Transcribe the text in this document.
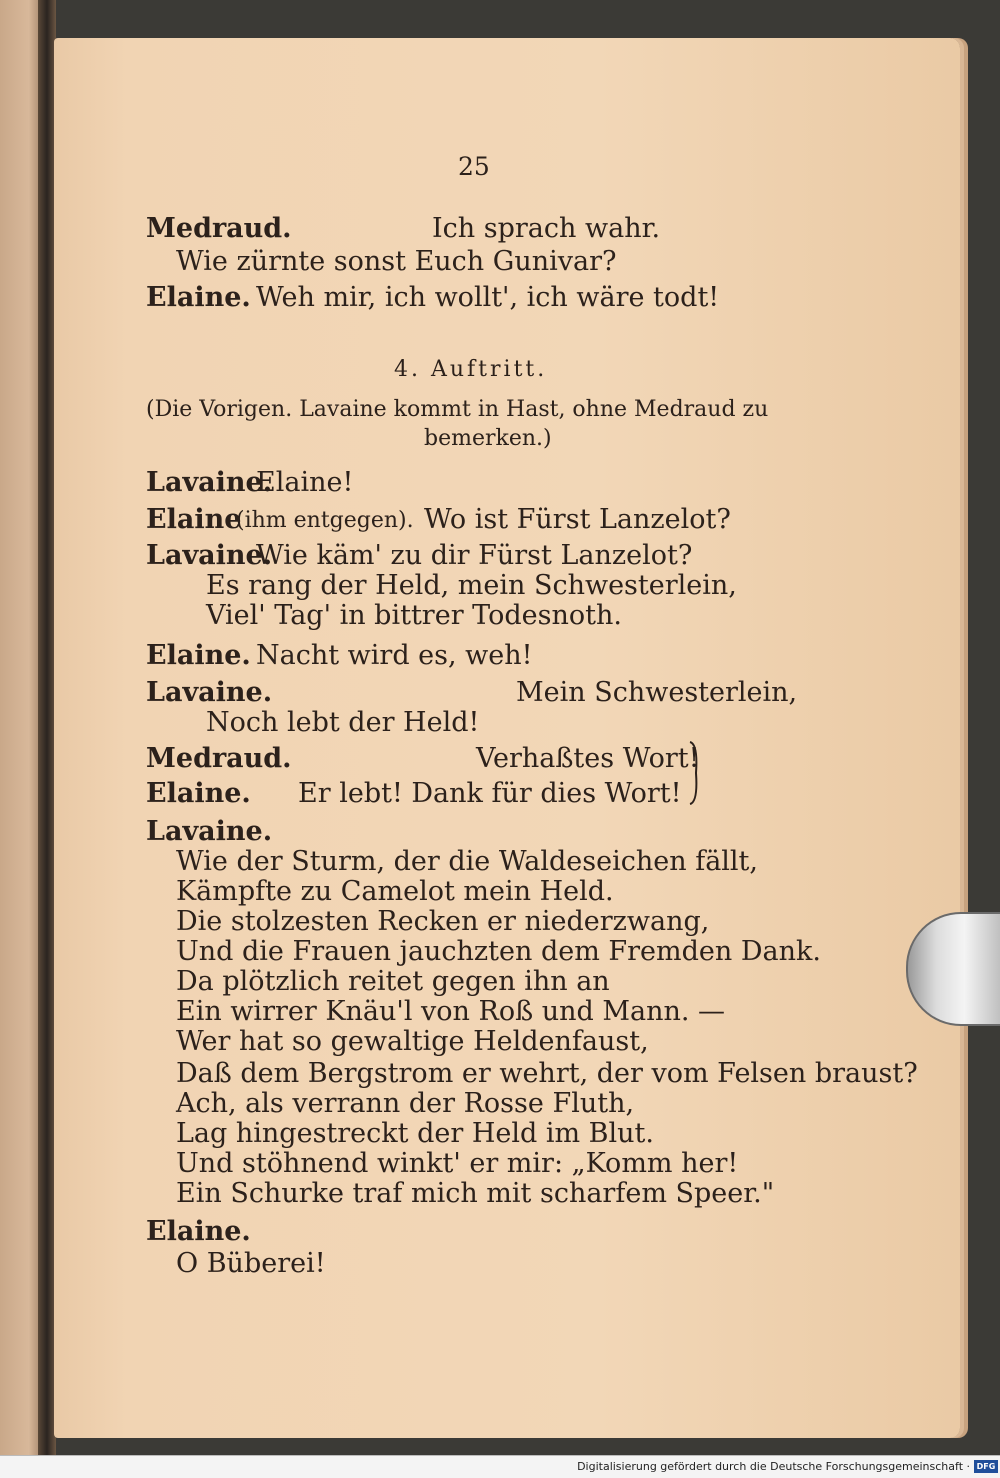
25
Medraud.	Ich sprach wahr.
Wie zürnte sonst Euch Gunivar?
Elaine. Weh mir, ich wollt', ich wäre todt!
4. Auftritt.
(Die Vorigen. Lavaine kommt in Hast, ohne Medraud zu
bemerken.)
Lavaine.
Elaine!
Elaine
(ihm entgegen). Wo ist Fürst Lanzelot?
Lavaine.
Wie käm' zu dir Fürst Lanzelot?
Es rang der Held, mein Schwesterlein,
Viel' Tag' in bittrer Todesnoth.
Elaine. Nacht wird es, weh!
Lavaine.	Mein Schwesterlein,
Noch lebt der Held!
Medraud.	Verhaßtes Wort!
Elaine. Er lebt! Dank für dies Wort!
Lavaine.
Wie der Sturm, der die Waldeseichen fällt,
Kämpfte zu Camelot mein Held.
Die stolzesten Recken er niederzwang,
Und die Frauen jauchzten dem Fremden Dank.
Da plötzlich reitet gegen ihn an
Ein wirrer Knäu'l von Roß und Mann. —
Wer hat so gewaltige Heldenfaust,
Daß dem Bergstrom er wehrt, der vom Felsen braust?
Ach, als verrann der Rosse Fluth,
Lag hingestreckt der Held im Blut.
Und stöhnend winkt' er mir: „Komm her!
Ein Schurke traf mich mit scharfem Speer."
Elaine.
O Büberei!
Digitalisierung gefördert durch die Deutsche Forschungsgemeinschaft · DFG
